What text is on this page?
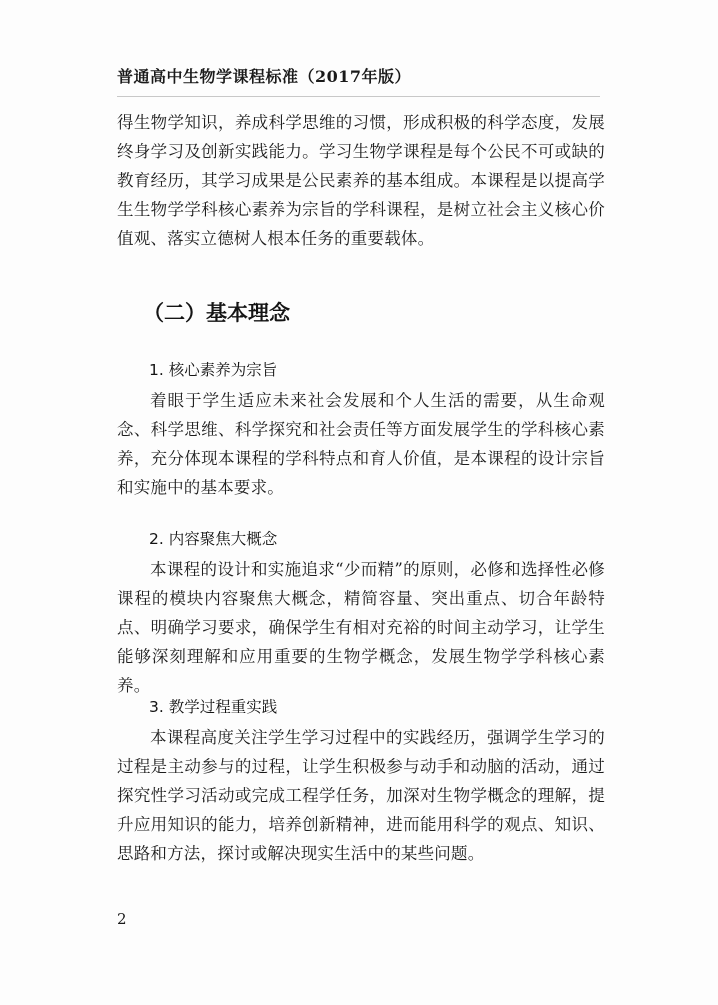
普通高中生物学课程标准（2017年版）

得生物学知识，养成科学思维的习惯，形成积极的科学态度，发展终身学习及创新实践能力。学习生物学课程是每个公民不可或缺的教育经历，其学习成果是公民素养的基本组成。本课程是以提高学生生物学学科核心素养为宗旨的学科课程，是树立社会主义核心价值观、落实立德树人根本任务的重要载体。

（二）基本理念
1. 核心素养为宗旨

着眼于学生适应未来社会发展和个人生活的需要，从生命观念、科学思维、科学探究和社会责任等方面发展学生的学科核心素养，充分体现本课程的学科特点和育人价值，是本课程的设计宗旨和实施中的基本要求。

2. 内容聚焦大概念

本课程的设计和实施追求“少而精”的原则，必修和选择性必修课程的模块内容聚焦大概念，精简容量、突出重点、切合年龄特点、明确学习要求，确保学生有相对充裕的时间主动学习，让学生能够深刻理解和应用重要的生物学概念，发展生物学学科核心素养。

3. 教学过程重实践

本课程高度关注学生学习过程中的实践经历，强调学生学习的过程是主动参与的过程，让学生积极参与动手和动脑的活动，通过探究性学习活动或完成工程学任务，加深对生物学概念的理解，提升应用知识的能力，培养创新精神，进而能用科学的观点、知识、思路和方法，探讨或解决现实生活中的某些问题。

2
